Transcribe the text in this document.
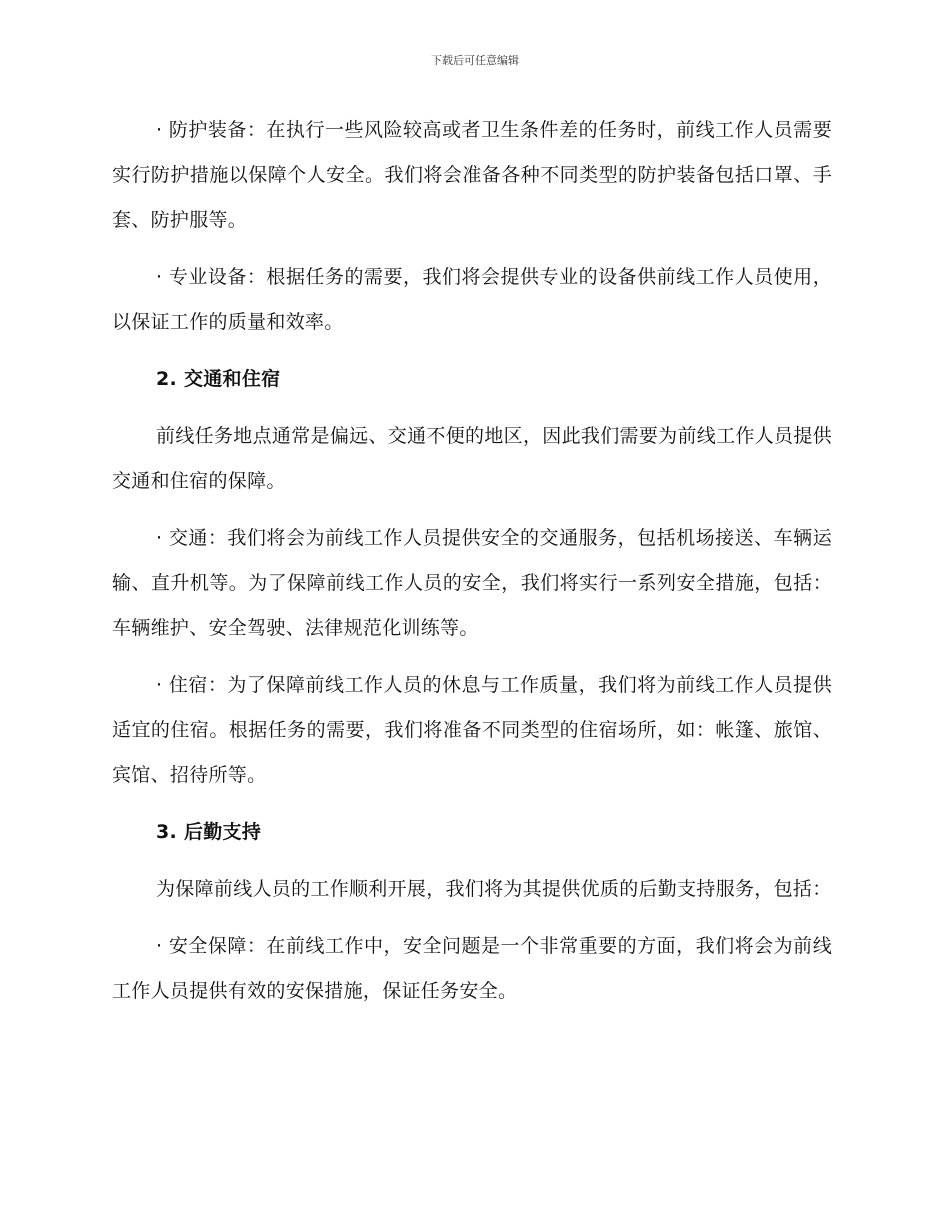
下载后可任意编辑

· 防护装备：在执行一些风险较高或者卫生条件差的任务时，前线工作人员需要实行防护措施以保障个人安全。我们将会准备各种不同类型的防护装备包括口罩、手套、防护服等。

· 专业设备：根据任务的需要，我们将会提供专业的设备供前线工作人员使用，以保证工作的质量和效率。

2. 交通和住宿

前线任务地点通常是偏远、交通不便的地区，因此我们需要为前线工作人员提供交通和住宿的保障。

· 交通：我们将会为前线工作人员提供安全的交通服务，包括机场接送、车辆运输、直升机等。为了保障前线工作人员的安全，我们将实行一系列安全措施，包括：车辆维护、安全驾驶、法律规范化训练等。

· 住宿：为了保障前线工作人员的休息与工作质量，我们将为前线工作人员提供适宜的住宿。根据任务的需要，我们将准备不同类型的住宿场所，如：帐篷、旅馆、宾馆、招待所等。

3. 后勤支持

为保障前线人员的工作顺利开展，我们将为其提供优质的后勤支持服务，包括：

· 安全保障：在前线工作中，安全问题是一个非常重要的方面，我们将会为前线工作人员提供有效的安保措施，保证任务安全。
